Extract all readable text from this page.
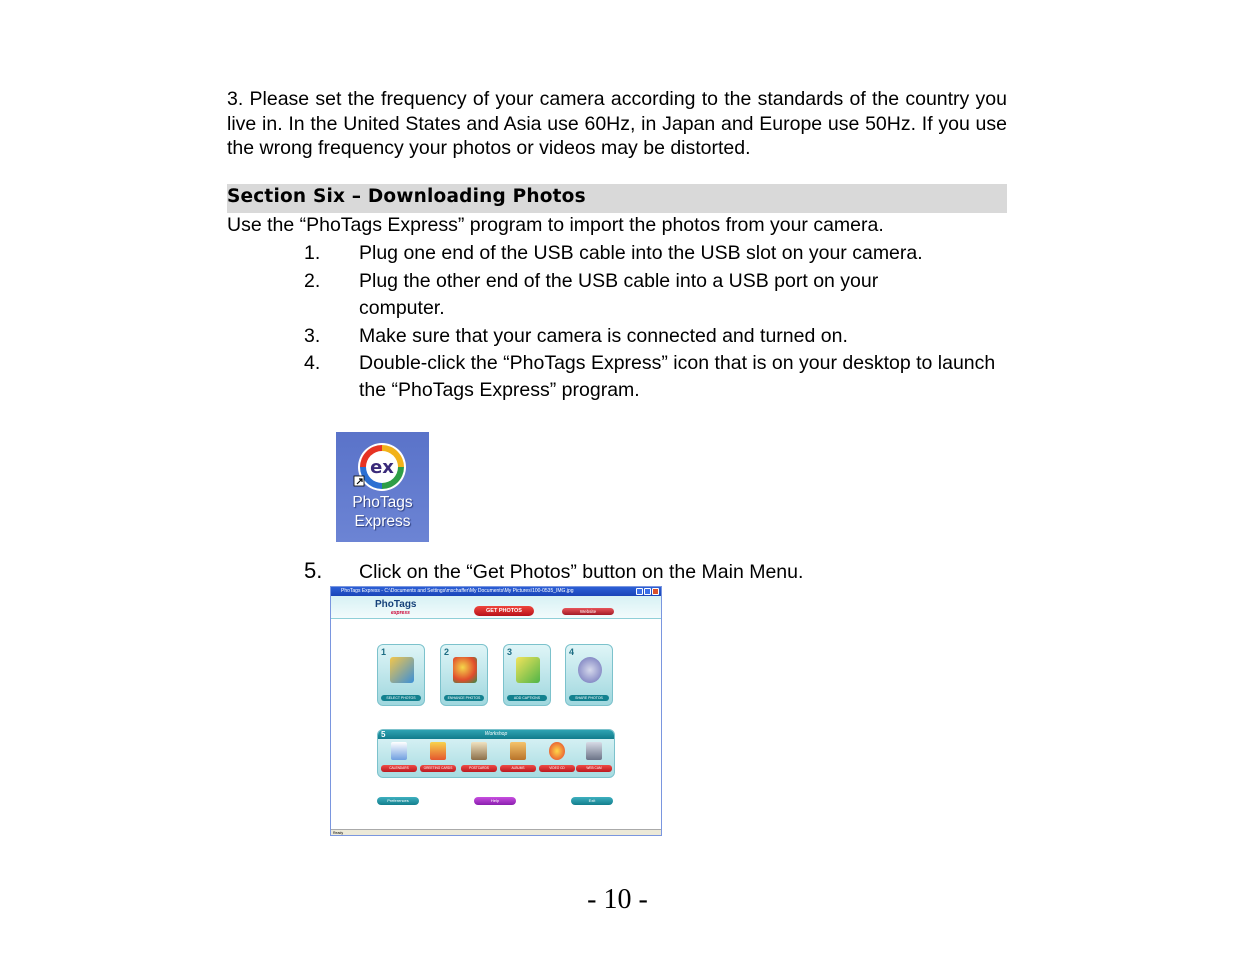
3. Please set the frequency of your camera according to the standards of the country you live in. In the United States and Asia use 60Hz, in Japan and Europe use 50Hz. If you use the wrong frequency your photos or videos may be distorted.
Section Six – Downloading Photos
Use the “PhoTags Express” program to import the photos from your camera.
1.	Plug one end of the USB cable into the USB slot on your camera.
2.	Plug the other end of the USB cable into a USB port on your computer.
3.	Make sure that your camera is connected and turned on.
4.	Double-click the “PhoTags Express” icon that is on your desktop to launch the “PhoTags Express” program.
ex
PhoTags
Express
5.	Click on the “Get Photos” button on the Main Menu.
PhoTags Express - C:\Documents and Settings\mschaffer\My Documents\My Pictures\100-0535_IMG.jpg
PhoTags
express	GET PHOTOS	Website
1
SELECT PHOTOS
2
ENHANCE PHOTOS
3
ADD CAPTIONS
4
SHARE PHOTOS
Workshop
5
CALENDARS	GREETING CARDS	POSTCARDS	ALBUMS	VIDEO CD	WEB CAM
Preferences	Help	Exit
Ready
- 10 -
